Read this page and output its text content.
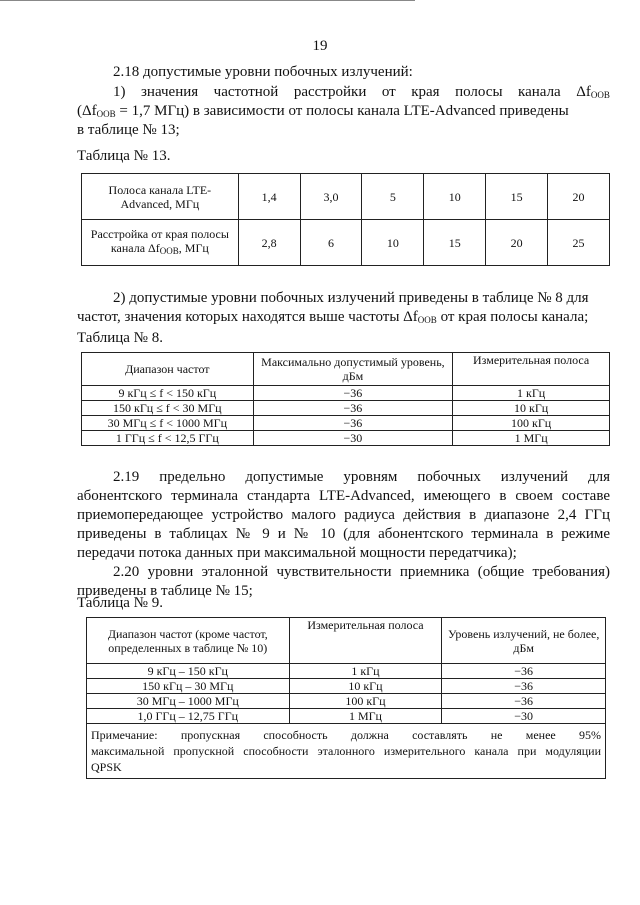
19

2.18 допустимые уровни побочных излучений:

1) значения частотной расстройки от края полосы канала $\Delta f_{OOB}$

($\Delta f_{OOB} = 1,7$ МГц) в зависимости от полосы канала LTE-Advanced приведены

в таблице № 13;

Таблица № 13.
Полоса канала LTE-Advanced, МГц	1,4	3,0	5	10	15	20
Расстройка от края полосы канала $\Delta f_{OOB}$, МГц	2,8	6	10	15	20	25

2) допустимые уровни побочных излучений приведены в таблице № 8 для

частот, значения которых находятся выше частоты $\Delta f_{OOB}$ от края полосы канала;

Таблица № 8.
Диапазон частот	Максимально допустимый уровень, дБм	Измерительная полоса
9 кГц ≤ f < 150 кГц	−36	1 кГц
150 кГц ≤ f < 30 МГц	−36	10 кГц
30 МГц ≤ f < 1000 МГц	−36	100 кГц
1 ГГц ≤ f < 12,5 ГГц	−30	1 МГц

2.19 предельно допустимые уровням побочных излучений для

абонентского терминала стандарта LTE-Advanced, имеющего в своем составе

приемопередающее устройство малого радиуса действия в диапазоне 2,4 ГГц

приведены в таблицах № 9 и № 10 (для абонентского терминала в режиме

передачи потока данных при максимальной мощности передатчика);

2.20 уровни эталонной чувствительности приемника (общие требования)

приведены в таблице № 15;

Таблица № 9.
Диапазон частот (кроме частот, определенных в таблице № 10)	Измерительная полоса	Уровень излучений, не более, дБм
9 кГц – 150 кГц	1 кГц	−36
150 кГц – 30 МГц	10 кГц	−36
30 МГц – 1000 МГц	100 кГц	−36
1,0 ГГц – 12,75 ГГц	1 МГц	−30

Примечание: пропускная способность должна составлять не менее 95%
максимальной пропускной способности эталонного измерительного канала при модуляции
QPSK		
